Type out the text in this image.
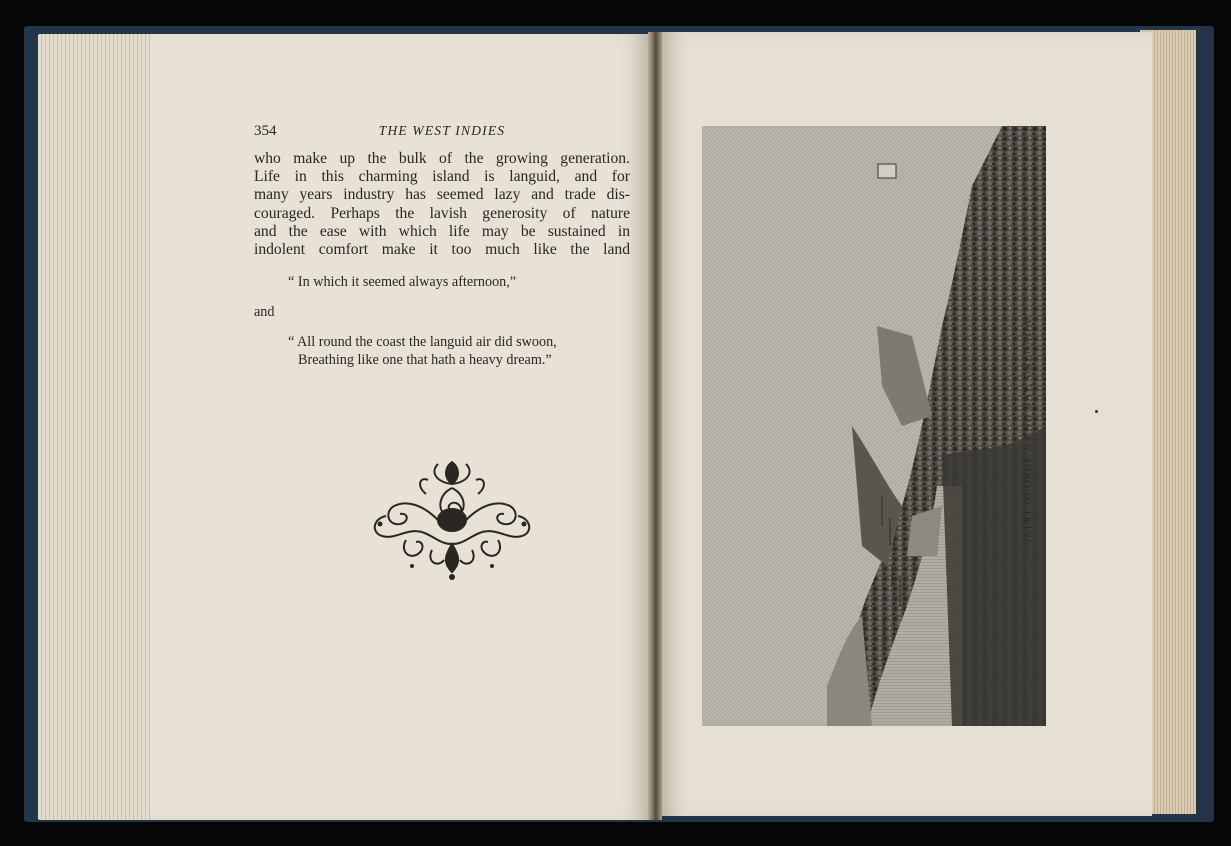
354	THE WEST INDIES
who make up the bulk of the growing generation.
Life in this charming island is languid, and for
many years industry has seemed lazy and trade dis-
couraged. Perhaps the lavish generosity of nature
and the ease with which life may be sustained in
indolent comfort make it too much like the land
“ In which it seemed always afternoon,”
and
“ All round the coast the languid air did swoon,
Breathing like one that hath a heavy dream.”	SAINT GEORGE’S AND BAY, GRENADA.
